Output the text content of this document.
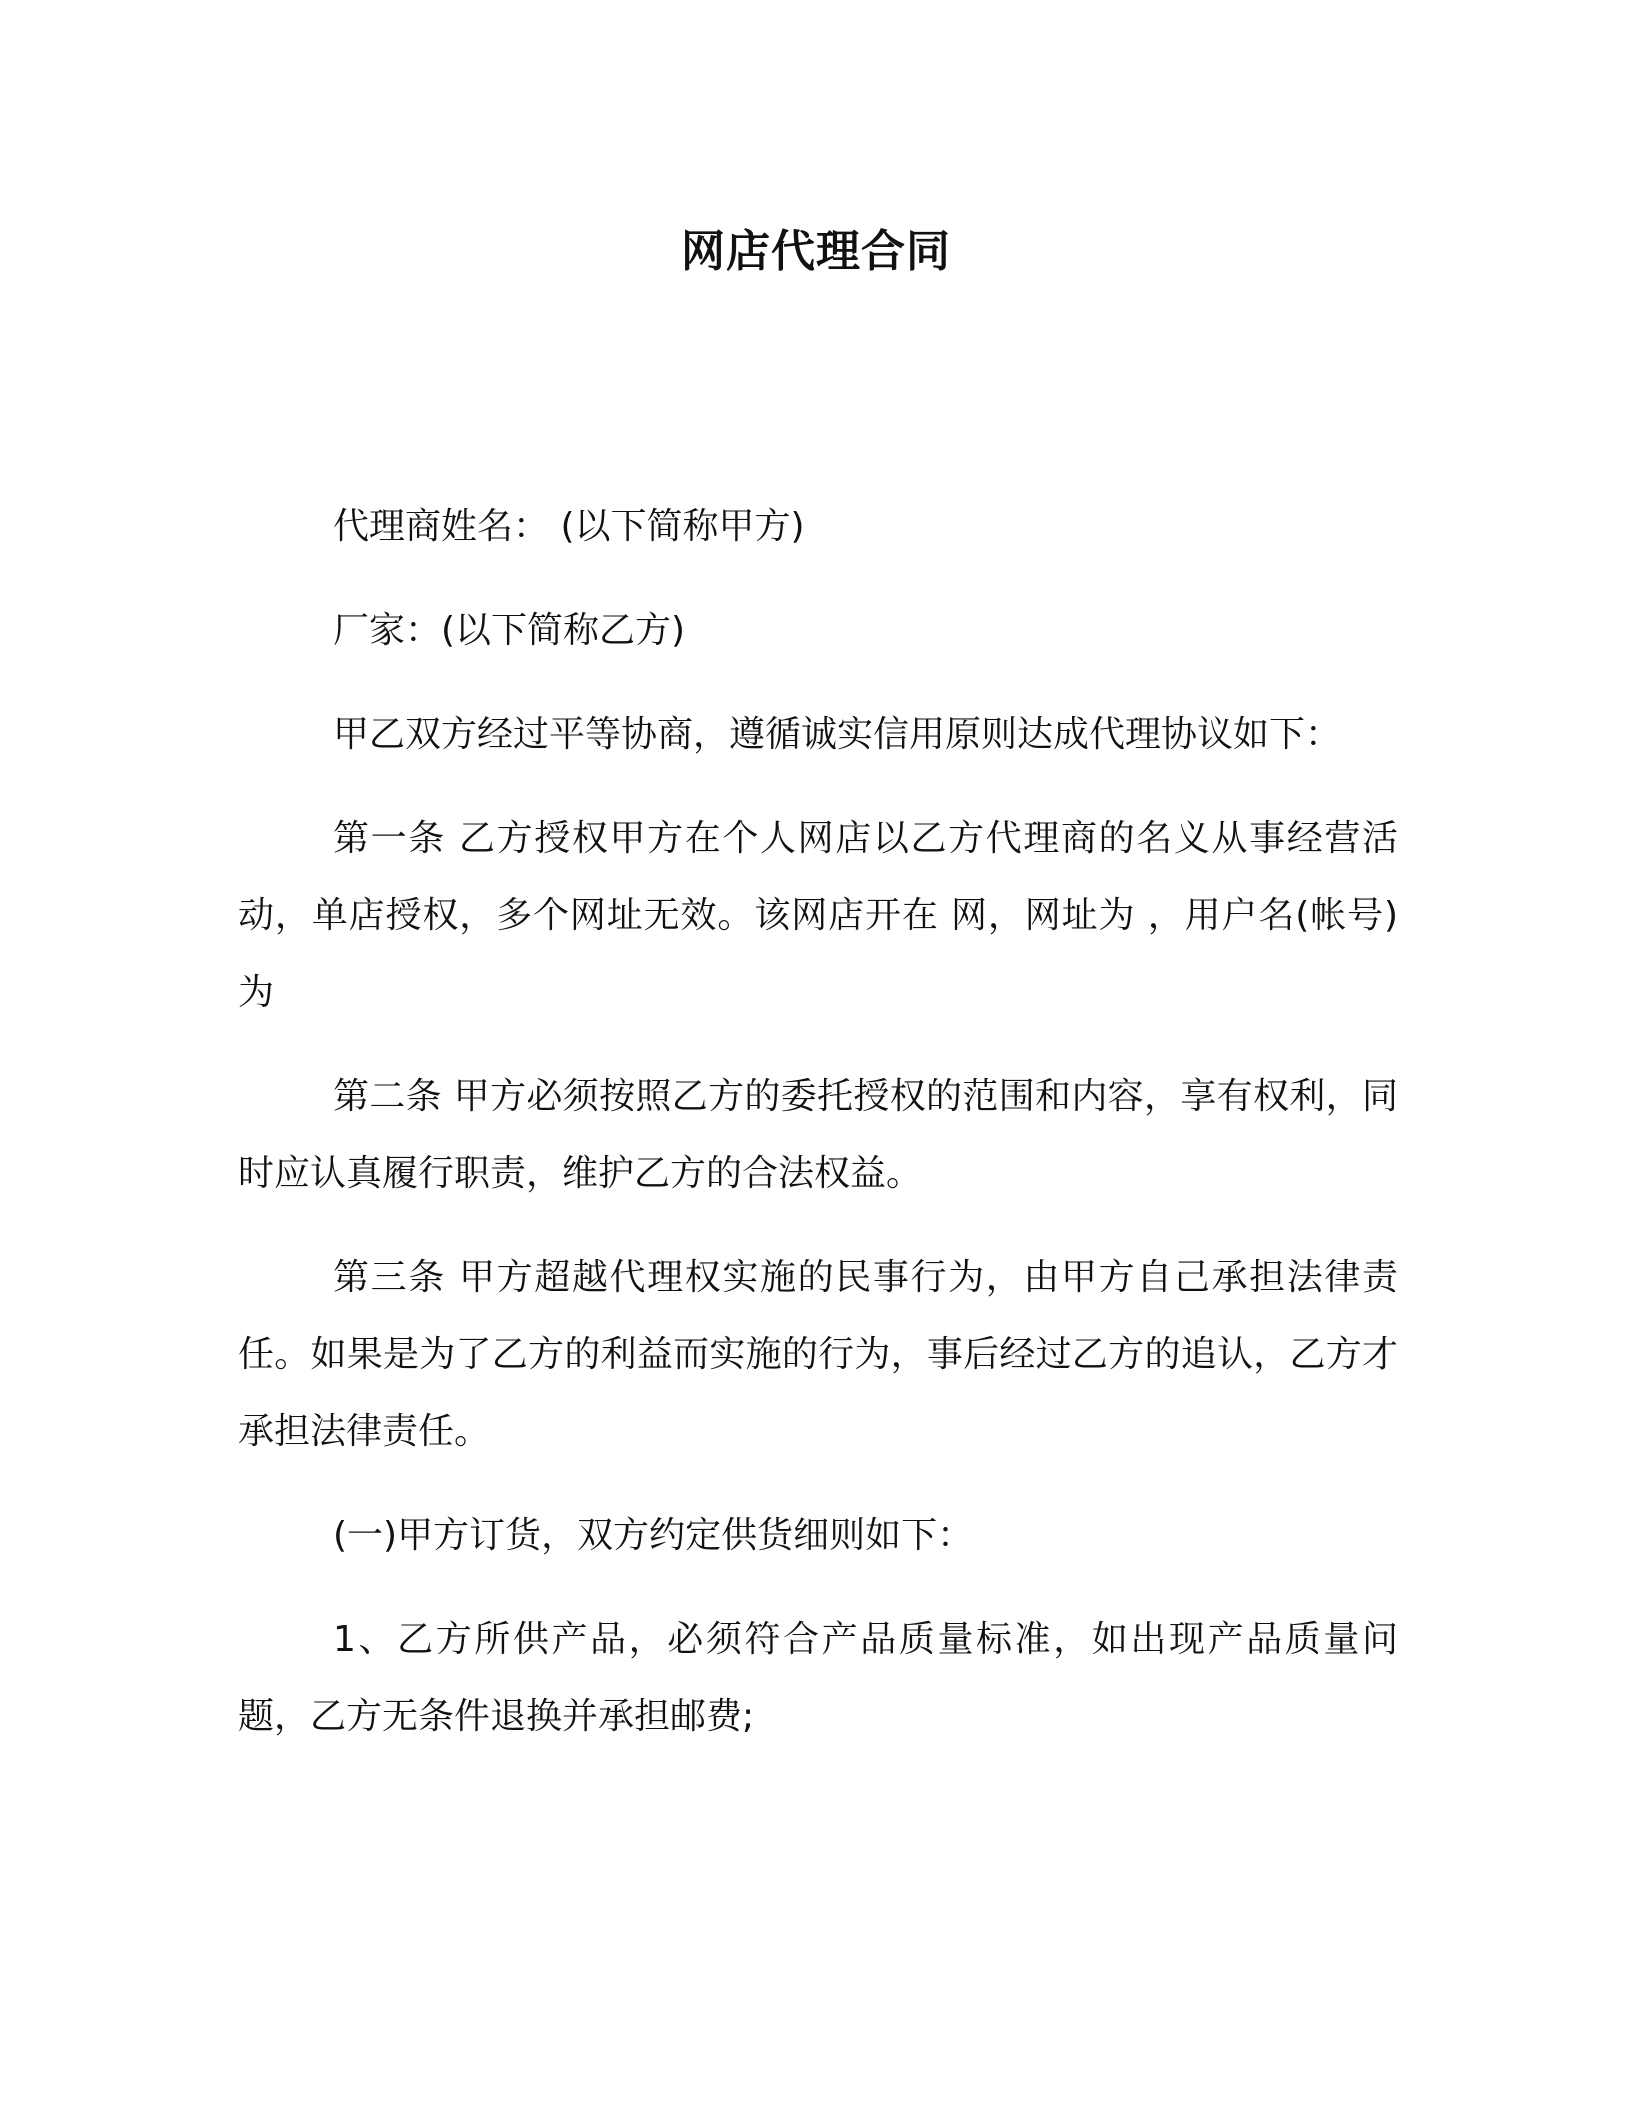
网店代理合同

代理商姓名： (以下简称甲方)

厂家：(以下简称乙方)

甲乙双方经过平等协商，遵循诚实信用原则达成代理协议如下：

第一条 乙方授权甲方在个人网店以乙方代理商的名义从事经营活动，单店授权，多个网址无效。该网店开在 网，网址为 ，用户名(帐号)为

第二条 甲方必须按照乙方的委托授权的范围和内容，享有权利，同时应认真履行职责，维护乙方的合法权益。

第三条 甲方超越代理权实施的民事行为，由甲方自己承担法律责任。如果是为了乙方的利益而实施的行为，事后经过乙方的追认，乙方才承担法律责任。

(一)甲方订货，双方约定供货细则如下：

1、乙方所供产品，必须符合产品质量标准，如出现产品质量问题，乙方无条件退换并承担邮费;
